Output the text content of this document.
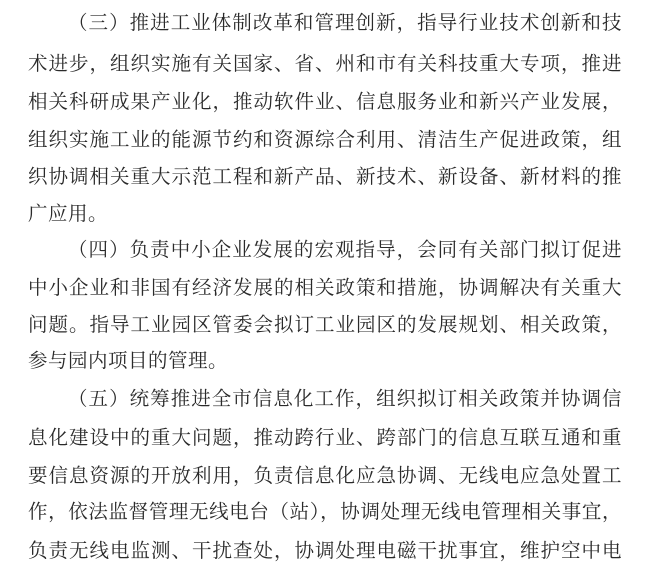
（三）推进工业体制改革和管理创新，指导行业技术创新和技
术进步，组织实施有关国家、省、州和市有关科技重大专项，推进
相关科研成果产业化，推动软件业、信息服务业和新兴产业发展，
组织实施工业的能源节约和资源综合利用、清洁生产促进政策，组
织协调相关重大示范工程和新产品、新技术、新设备、新材料的推
广应用。
（四）负责中小企业发展的宏观指导，会同有关部门拟订促进
中小企业和非国有经济发展的相关政策和措施，协调解决有关重大
问题。指导工业园区管委会拟订工业园区的发展规划、相关政策，
参与园内项目的管理。
（五）统筹推进全市信息化工作，组织拟订相关政策并协调信
息化建设中的重大问题，推动跨行业、跨部门的信息互联互通和重
要信息资源的开放利用，负责信息化应急协调、无线电应急处置工
作，依法监督管理无线电台（站），协调处理无线电管理相关事宜，
负责无线电监测、干扰查处，协调处理电磁干扰事宜，维护空中电
